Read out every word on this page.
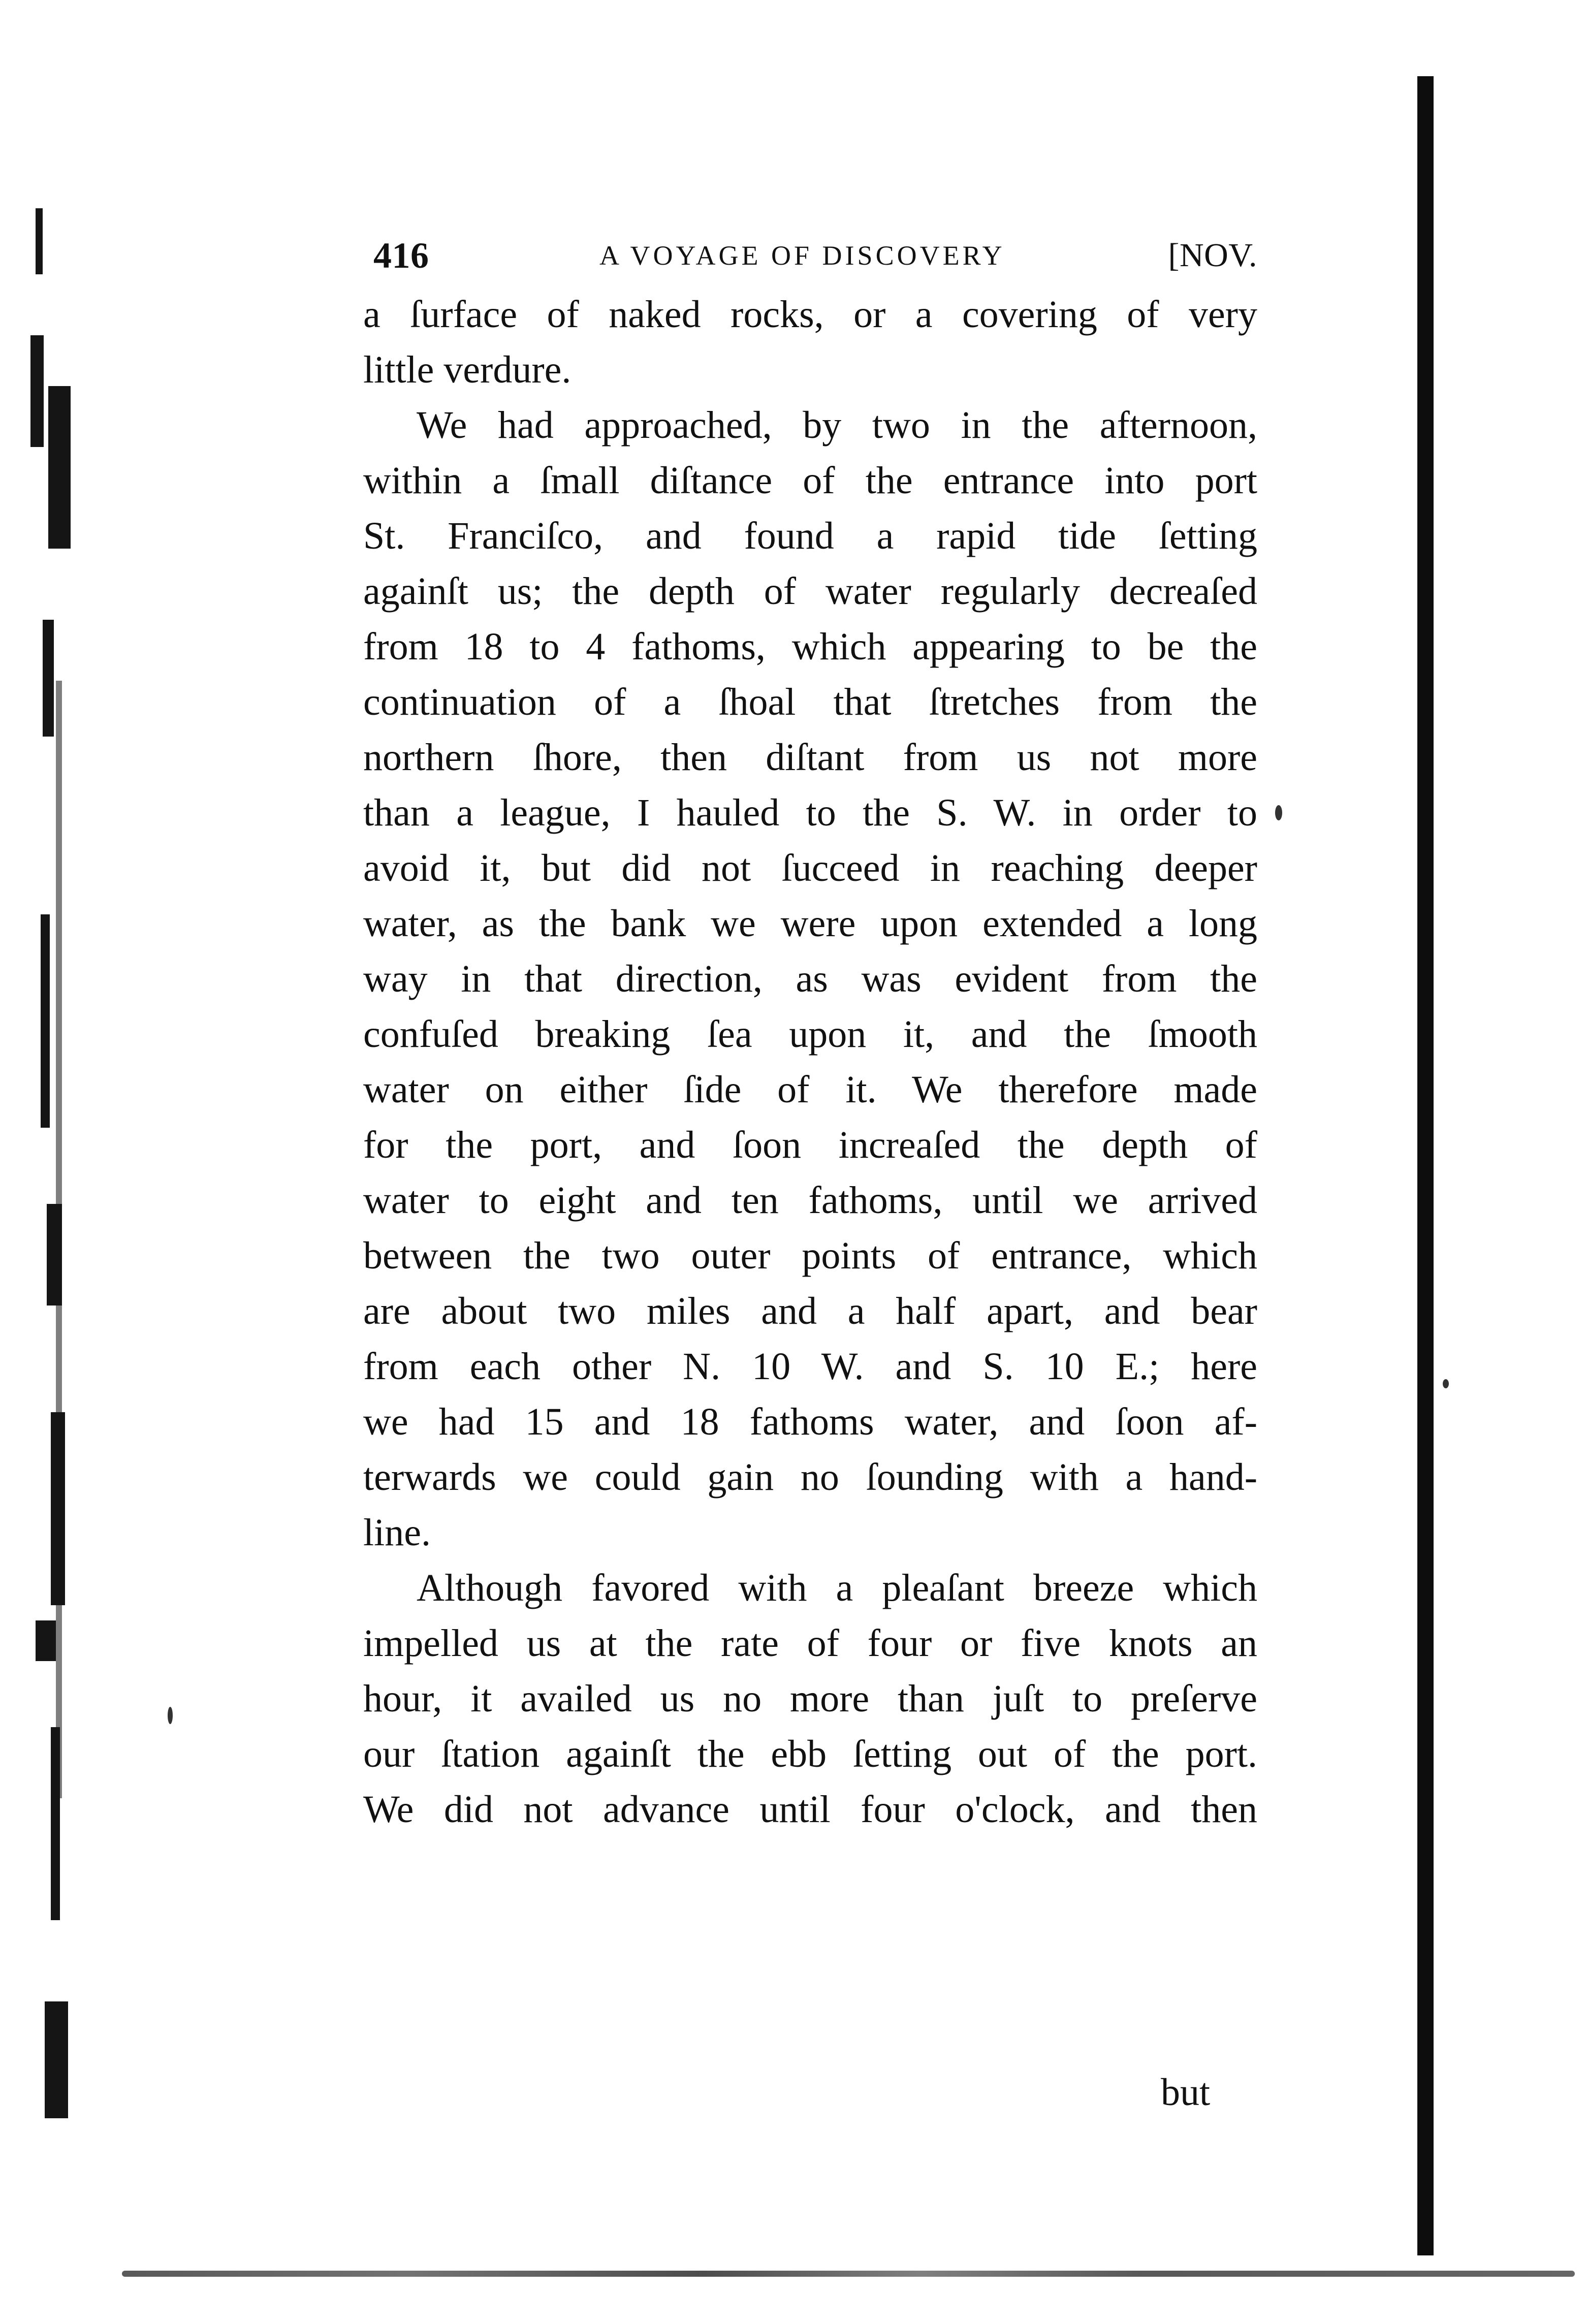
416	A VOYAGE OF DISCOVERY	[NOV.
a ſurface of naked rocks, or a covering of very
little verdure.
We had approached, by two in the afternoon,
within a ſmall diſtance of the entrance into port
St. Franciſco, and found a rapid tide ſetting
againſt us; the depth of water regularly decreaſed
from 18 to 4 fathoms, which appearing to be the
continuation of a ſhoal that ſtretches from the
northern ſhore, then diſtant from us not more
than a league, I hauled to the S. W. in order to
avoid it, but did not ſucceed in reaching deeper
water, as the bank we were upon extended a long
way in that direction, as was evident from the
confuſed breaking ſea upon it, and the ſmooth
water on either ſide of it. We therefore made
for the port, and ſoon increaſed the depth of
water to eight and ten fathoms, until we arrived
between the two outer points of entrance, which
are about two miles and a half apart, and bear
from each other N. 10 W. and S. 10 E.; here
we had 15 and 18 fathoms water, and ſoon af-
terwards we could gain no ſounding with a hand-
line.
Although favored with a pleaſant breeze which
impelled us at the rate of four or five knots an
hour, it availed us no more than juſt to preſerve
our ſtation againſt the ebb ſetting out of the port.
We did not advance until four o'clock, and then
but
